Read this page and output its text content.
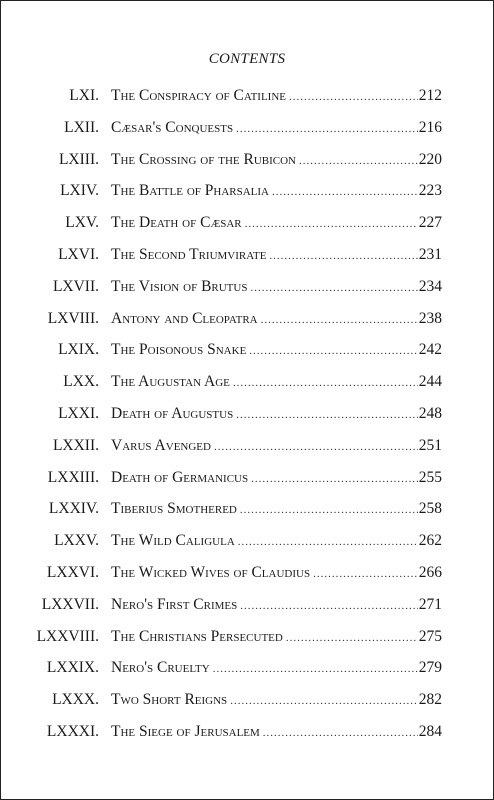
CONTENTS
LXI. The Conspiracy of Catiline .....	212
LXII. Cæsar's Conquests .....	216
LXIII. The Crossing of the Rubicon .....	220
LXIV. The Battle of Pharsalia .....	223
LXV. The Death of Cæsar .....	227
LXVI. The Second Triumvirate .....	231
LXVII. The Vision of Brutus .....	234
LXVIII. Antony and Cleopatra .....	238
LXIX. The Poisonous Snake .....	242
LXX. The Augustan Age .....	244
LXXI. Death of Augustus .....	248
LXXII. Varus Avenged .....	251
LXXIII. Death of Germanicus .....	255
LXXIV. Tiberius Smothered .....	258
LXXV. The Wild Caligula .....	262
LXXVI. The Wicked Wives of Claudius .....	266
LXXVII. Nero's First Crimes .....	271
LXXVIII. The Christians Persecuted .....	275
LXXIX. Nero's Cruelty .....	279
LXXX. Two Short Reigns .....	282
LXXXI. The Siege of Jerusalem .....	284
